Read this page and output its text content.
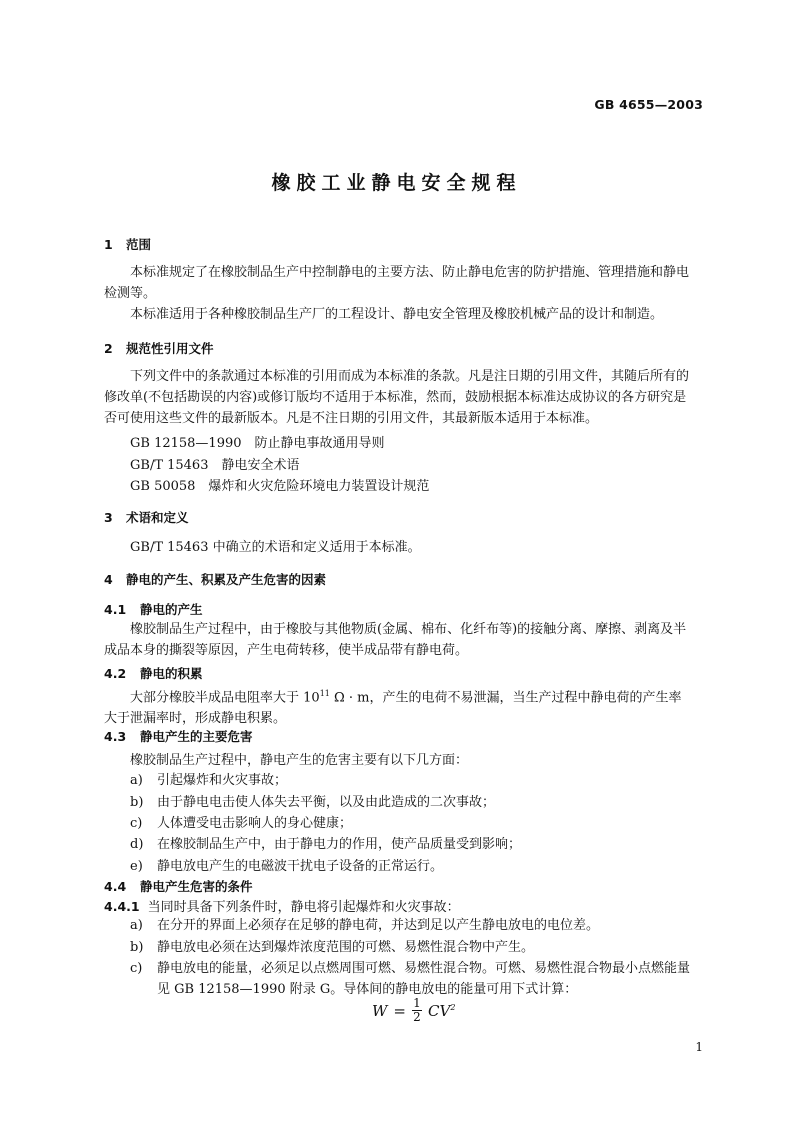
GB 4655—2003
橡胶工业静电安全规程
1 范围
本标准规定了在橡胶制品生产中控制静电的主要方法、防止静电危害的防护措施、管理措施和静电检测等。
本标准适用于各种橡胶制品生产厂的工程设计、静电安全管理及橡胶机械产品的设计和制造。
2 规范性引用文件
下列文件中的条款通过本标准的引用而成为本标准的条款。凡是注日期的引用文件，其随后所有的修改单(不包括勘误的内容)或修订版均不适用于本标准，然而，鼓励根据本标准达成协议的各方研究是否可使用这些文件的最新版本。凡是不注日期的引用文件，其最新版本适用于本标准。
GB 12158—1990　防止静电事故通用导则
GB/T 15463　静电安全术语
GB 50058　爆炸和火灾危险环境电力装置设计规范
3 术语和定义
GB/T 15463 中确立的术语和定义适用于本标准。
4 静电的产生、积累及产生危害的因素
4.1 静电的产生
橡胶制品生产过程中，由于橡胶与其他物质(金属、棉布、化纤布等)的接触分离、摩擦、剥离及半成品本身的撕裂等原因，产生电荷转移，使半成品带有静电荷。
4.2 静电的积累
大部分橡胶半成品电阻率大于 $10^{11}$ Ω · m，产生的电荷不易泄漏，当生产过程中静电荷的产生率大于泄漏率时，形成静电积累。
4.3 静电产生的主要危害
橡胶制品生产过程中，静电产生的危害主要有以下几方面：
a)	引起爆炸和火灾事故；
b)	由于静电电击使人体失去平衡，以及由此造成的二次事故；
c)	人体遭受电击影响人的身心健康；
d)	在橡胶制品生产中，由于静电力的作用，使产品质量受到影响；
e)	静电放电产生的电磁波干扰电子设备的正常运行。
4.4 静电产生危害的条件
4.4.1 当同时具备下列条件时，静电将引起爆炸和火灾事故：
a)	在分开的界面上必须存在足够的静电荷，并达到足以产生静电放电的电位差。
b)	静电放电必须在达到爆炸浓度范围的可燃、易燃性混合物中产生。
c)	静电放电的能量，必须足以点燃周围可燃、易燃性混合物。可燃、易燃性混合物最小点燃能量见 GB 12158—1990 附录 G。导体间的静电放电的能量可用下式计算：
$W = \frac{1}{2} CV^2$
1
